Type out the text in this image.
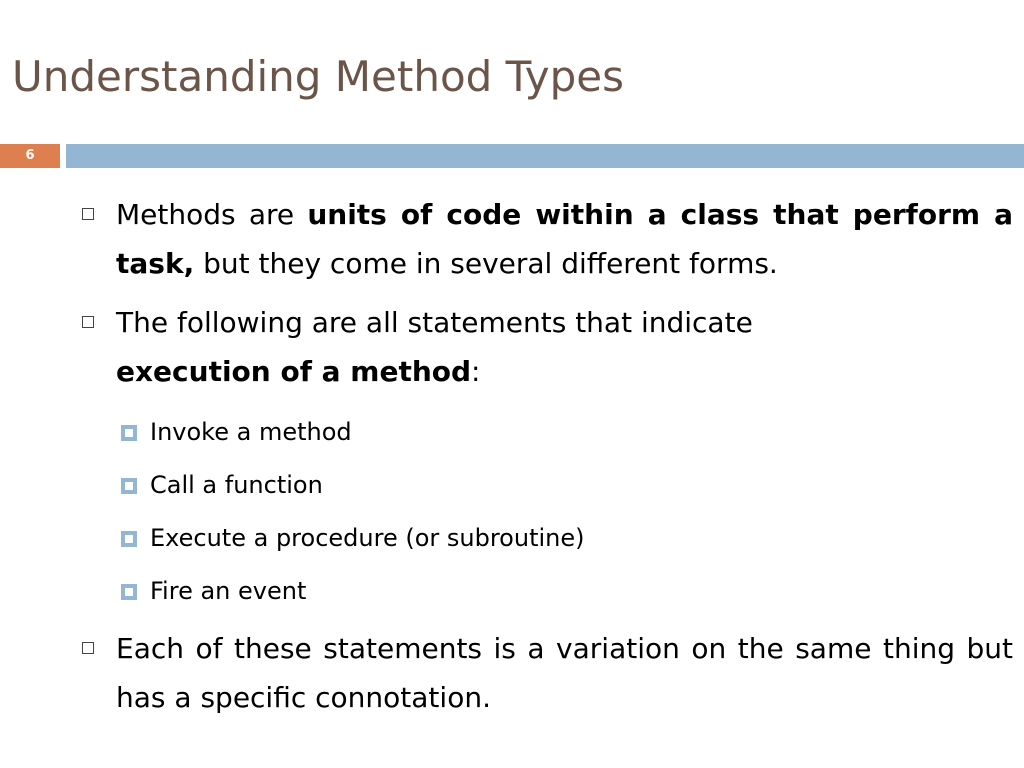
Understanding Method Types
6
Methods are units of code within a class that perform a task, but they come in several different forms.
The following are all statements that indicate
execution of a method:
Invoke a method
Call a function
Execute a procedure (or subroutine)
Fire an event
Each of these statements is a variation on the same thing but has a specific connotation.
